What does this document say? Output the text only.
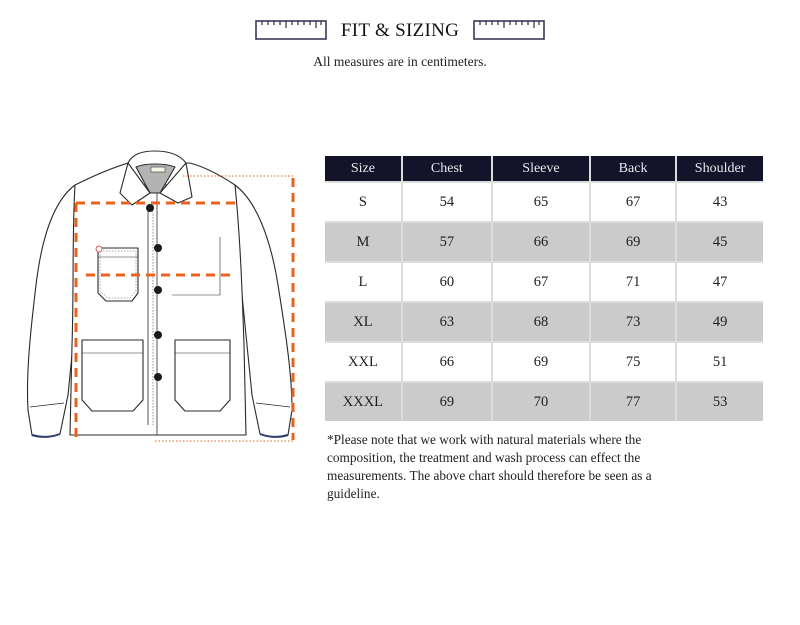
FIT & SIZING
All measures are in centimeters.
Size	Chest	Sleeve	Back	Shoulder
S	54	65	67	43
M	57	66	69	45
L	60	67	71	47
XL	63	68	73	49
XXL	66	69	75	51
XXXL	69	70	77	53
*Please note that we work with natural materials where the composition, the treatment and wash process can effect the measurements. The above chart should therefore be seen as a guideline.
